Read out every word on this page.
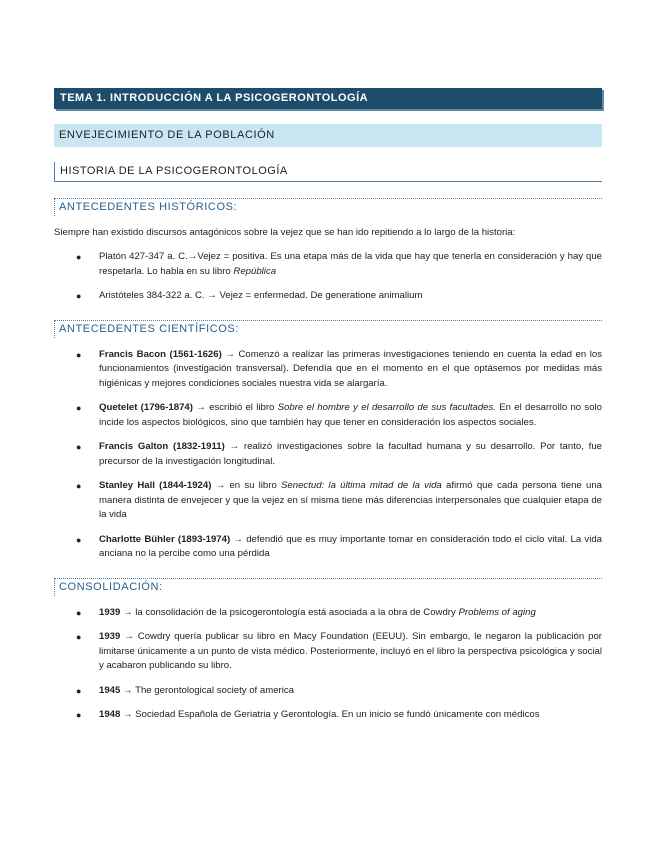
TEMA 1. INTRODUCCIÓN A LA PSICOGERONTOLOGÍA
ENVEJECIMIENTO DE LA POBLACIÓN
HISTORIA DE LA PSICOGERONTOLOGÍA
ANTECEDENTES HISTÓRICOS:
Siempre han existido discursos antagónicos sobre la vejez que se han ido repitiendo a lo largo de la historia:
● Platón 427-347 a. C.→Vejez = positiva. Es una etapa más de la vida que hay que tenerla en consideración y hay que respetarla. Lo habla en su libro República
● Aristóteles 384-322 a. C. → Vejez = enfermedad. De generatione animalium
ANTECEDENTES CIENTÍFICOS:
● Francis Bacon (1561-1626) → Comenzó a realizar las primeras investigaciones teniendo en cuenta la edad en los funcionamientos (investigación transversal). Defendía que en el momento en el que optásemos por medidas más higiénicas y mejores condiciones sociales nuestra vida se alargaría.
● Quetelet (1796-1874) → escribió el libro Sobre el hombre y el desarrollo de sus facultades. En el desarrollo no solo incide los aspectos biológicos, sino que también hay que tener en consideración los aspectos sociales.
● Francis Galton (1832-1911) → realizó investigaciones sobre la facultad humana y su desarrollo. Por tanto, fue precursor de la investigación longitudinal.
● Stanley Hall (1844-1924) → en su libro Senectud: la última mitad de la vida afirmó que cada persona tiene una manera distinta de envejecer y que la vejez en sí misma tiene más diferencias interpersonales que cualquier etapa de la vida
● Charlotte Bühler (1893-1974) → defendió que es muy importante tomar en consideración todo el ciclo vital. La vida anciana no la percibe como una pérdida
CONSOLIDACIÓN:
● 1939 → la consolidación de la psicogerontología está asociada a la obra de Cowdry Problems of aging
● 1939 → Cowdry quería publicar su libro en Macy Foundation (EEUU). Sin embargo, le negaron la publicación por limitarse únicamente a un punto de vista médico. Posteriormente, incluyó en el libro la perspectiva psicológica y social y acabaron publicando su libro.
● 1945 → The gerontological society of america
● 1948 → Sociedad Española de Geriatria y Gerontología. En un inicio se fundó únicamente con médicos
